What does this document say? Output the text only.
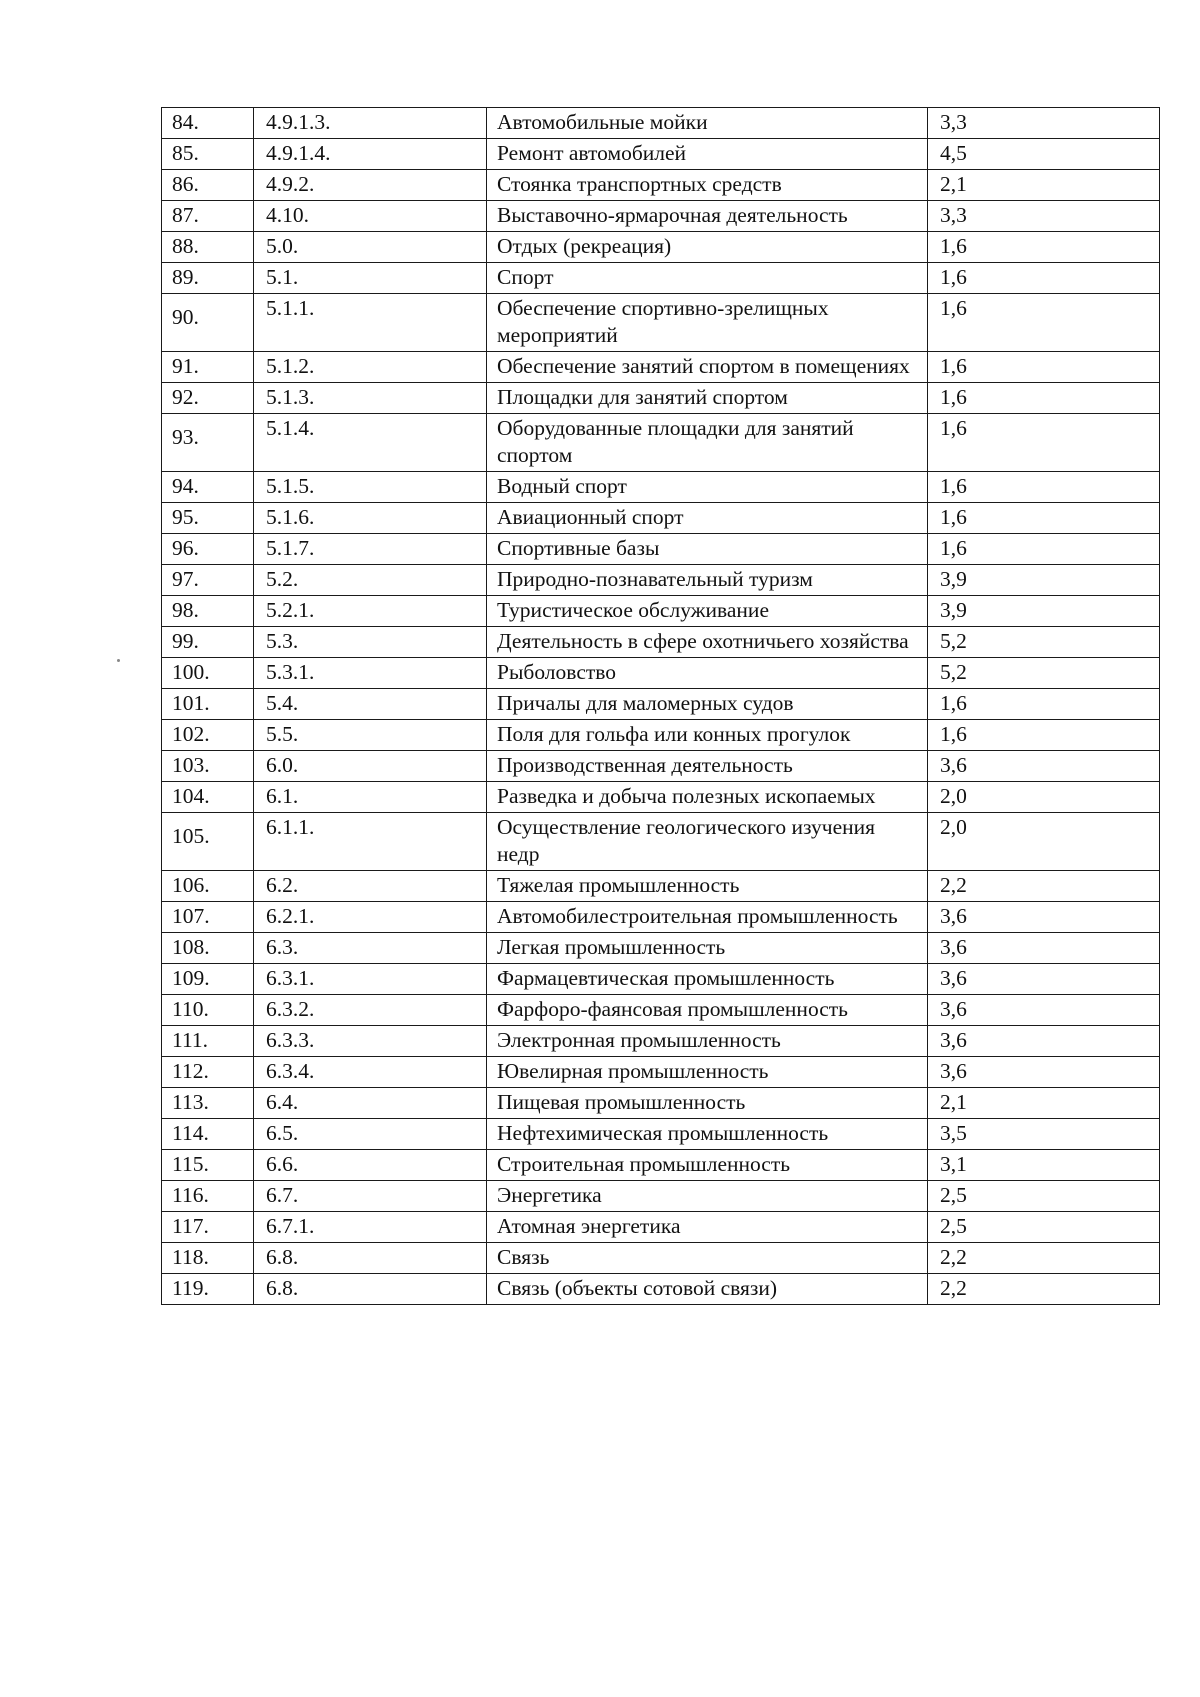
84.	4.9.1.3.	Автомобильные мойки	3,3
85.	4.9.1.4.	Ремонт автомобилей	4,5
86.	4.9.2.	Стоянка транспортных средств	2,1
87.	4.10.	Выставочно-ярмарочная деятельность	3,3
88.	5.0.	Отдых (рекреация)	1,6
89.	5.1.	Спорт	1,6
90.	5.1.1.	Обеспечение спортивно-зрелищных мероприятий	1,6
91.	5.1.2.	Обеспечение занятий спортом в помещениях	1,6
92.	5.1.3.	Площадки для занятий спортом	1,6
93.	5.1.4.	Оборудованные площадки для занятий спортом	1,6
94.	5.1.5.	Водный спорт	1,6
95.	5.1.6.	Авиационный спорт	1,6
96.	5.1.7.	Спортивные базы	1,6
97.	5.2.	Природно-познавательный туризм	3,9
98.	5.2.1.	Туристическое обслуживание	3,9
99.	5.3.	Деятельность в сфере охотничьего хозяйства	5,2
100.	5.3.1.	Рыболовство	5,2
101.	5.4.	Причалы для маломерных судов	1,6
102.	5.5.	Поля для гольфа или конных прогулок	1,6
103.	6.0.	Производственная деятельность	3,6
104.	6.1.	Разведка и добыча полезных ископаемых	2,0
105.	6.1.1.	Осуществление геологического изучения недр	2,0
106.	6.2.	Тяжелая промышленность	2,2
107.	6.2.1.	Автомобилестроительная промышленность	3,6
108.	6.3.	Легкая промышленность	3,6
109.	6.3.1.	Фармацевтическая промышленность	3,6
110.	6.3.2.	Фарфоро-фаянсовая промышленность	3,6
111.	6.3.3.	Электронная промышленность	3,6
112.	6.3.4.	Ювелирная промышленность	3,6
113.	6.4.	Пищевая промышленность	2,1
114.	6.5.	Нефтехимическая промышленность	3,5
115.	6.6.	Строительная промышленность	3,1
116.	6.7.	Энергетика	2,5
117.	6.7.1.	Атомная энергетика	2,5
118.	6.8.	Связь	2,2
119.	6.8.	Связь (объекты сотовой связи)	2,2
